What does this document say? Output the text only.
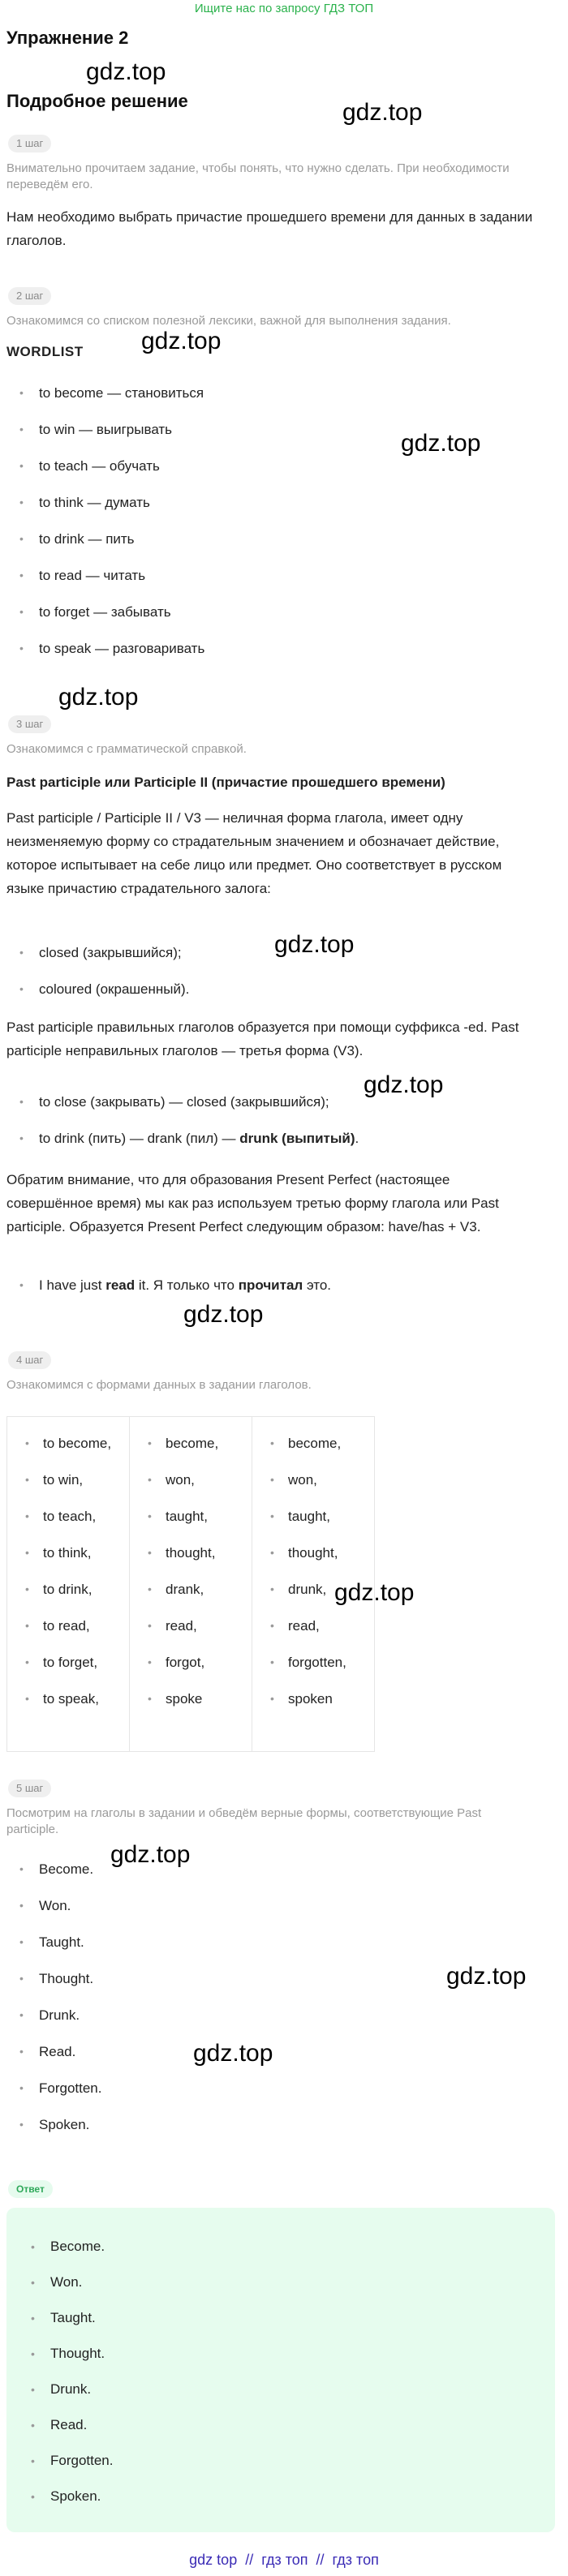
Ищите нас по запросу ГДЗ ТОП
Упражнение 2
Подробное решение
gdz.top
gdz.top
gdz.top
gdz.top
gdz.top
gdz.top
gdz.top
gdz.top
gdz.top
gdz.top
gdz.top
gdz.top
1 шаг
Внимательно прочитаем задание, чтобы понять, что нужно сделать. При необходимости переведём его.
Нам необходимо выбрать причастие прошедшего времени для данных в задании глаголов.
2 шаг
Ознакомимся со списком полезной лексики, важной для выполнения задания.
WORDLIST
• to become — становиться
• to win — выигрывать
• to teach — обучать
• to think — думать
• to drink — пить
• to read — читать
• to forget — забывать
• to speak — разговаривать
3 шаг
Ознакомимся с грамматической справкой.
Past participle или Participle II (причастие прошедшего времени)
Past participle / Participle II / V3 — неличная форма глагола, имеет одну неизменяемую форму со страдательным значением и обозначает действие, которое испытывает на себе лицо или предмет. Оно соответствует в русском языке причастию страдательного залога:
• closed (закрывшийся);
• coloured (окрашенный).
Past participle правильных глаголов образуется при помощи суффикса -ed. Past participle неправильных глаголов — третья форма (V3).
• to close (закрывать) — closed (закрывшийся);
• to drink (пить) — drank (пил) — drunk (выпитый).
Обратим внимание, что для образования Present Perfect (настоящее совершённое время) мы как раз используем третью форму глагола или Past participle. Образуется Present Perfect следующим образом: have/has + V3.
• I have just read it. Я только что прочитал это.
4 шаг
Ознакомимся с формами данных в задании глаголов.
• to become,
• to win,
• to teach,
• to think,
• to drink,
• to read,
• to forget,
• to speak,
• become,
• won,
• taught,
• thought,
• drank,
• read,
• forgot,
• spoke
• become,
• won,
• taught,
• thought,
• drunk,
• read,
• forgotten,
• spoken
5 шаг
Посмотрим на глаголы в задании и обведём верные формы, соответствующие Past participle.
• Become.
• Won.
• Taught.
• Thought.
• Drunk.
• Read.
• Forgotten.
• Spoken.
Ответ
• Become.
• Won.
• Taught.
• Thought.
• Drunk.
• Read.
• Forgotten.
• Spoken.
gdz top  //  гдз топ  //  гдз топ
